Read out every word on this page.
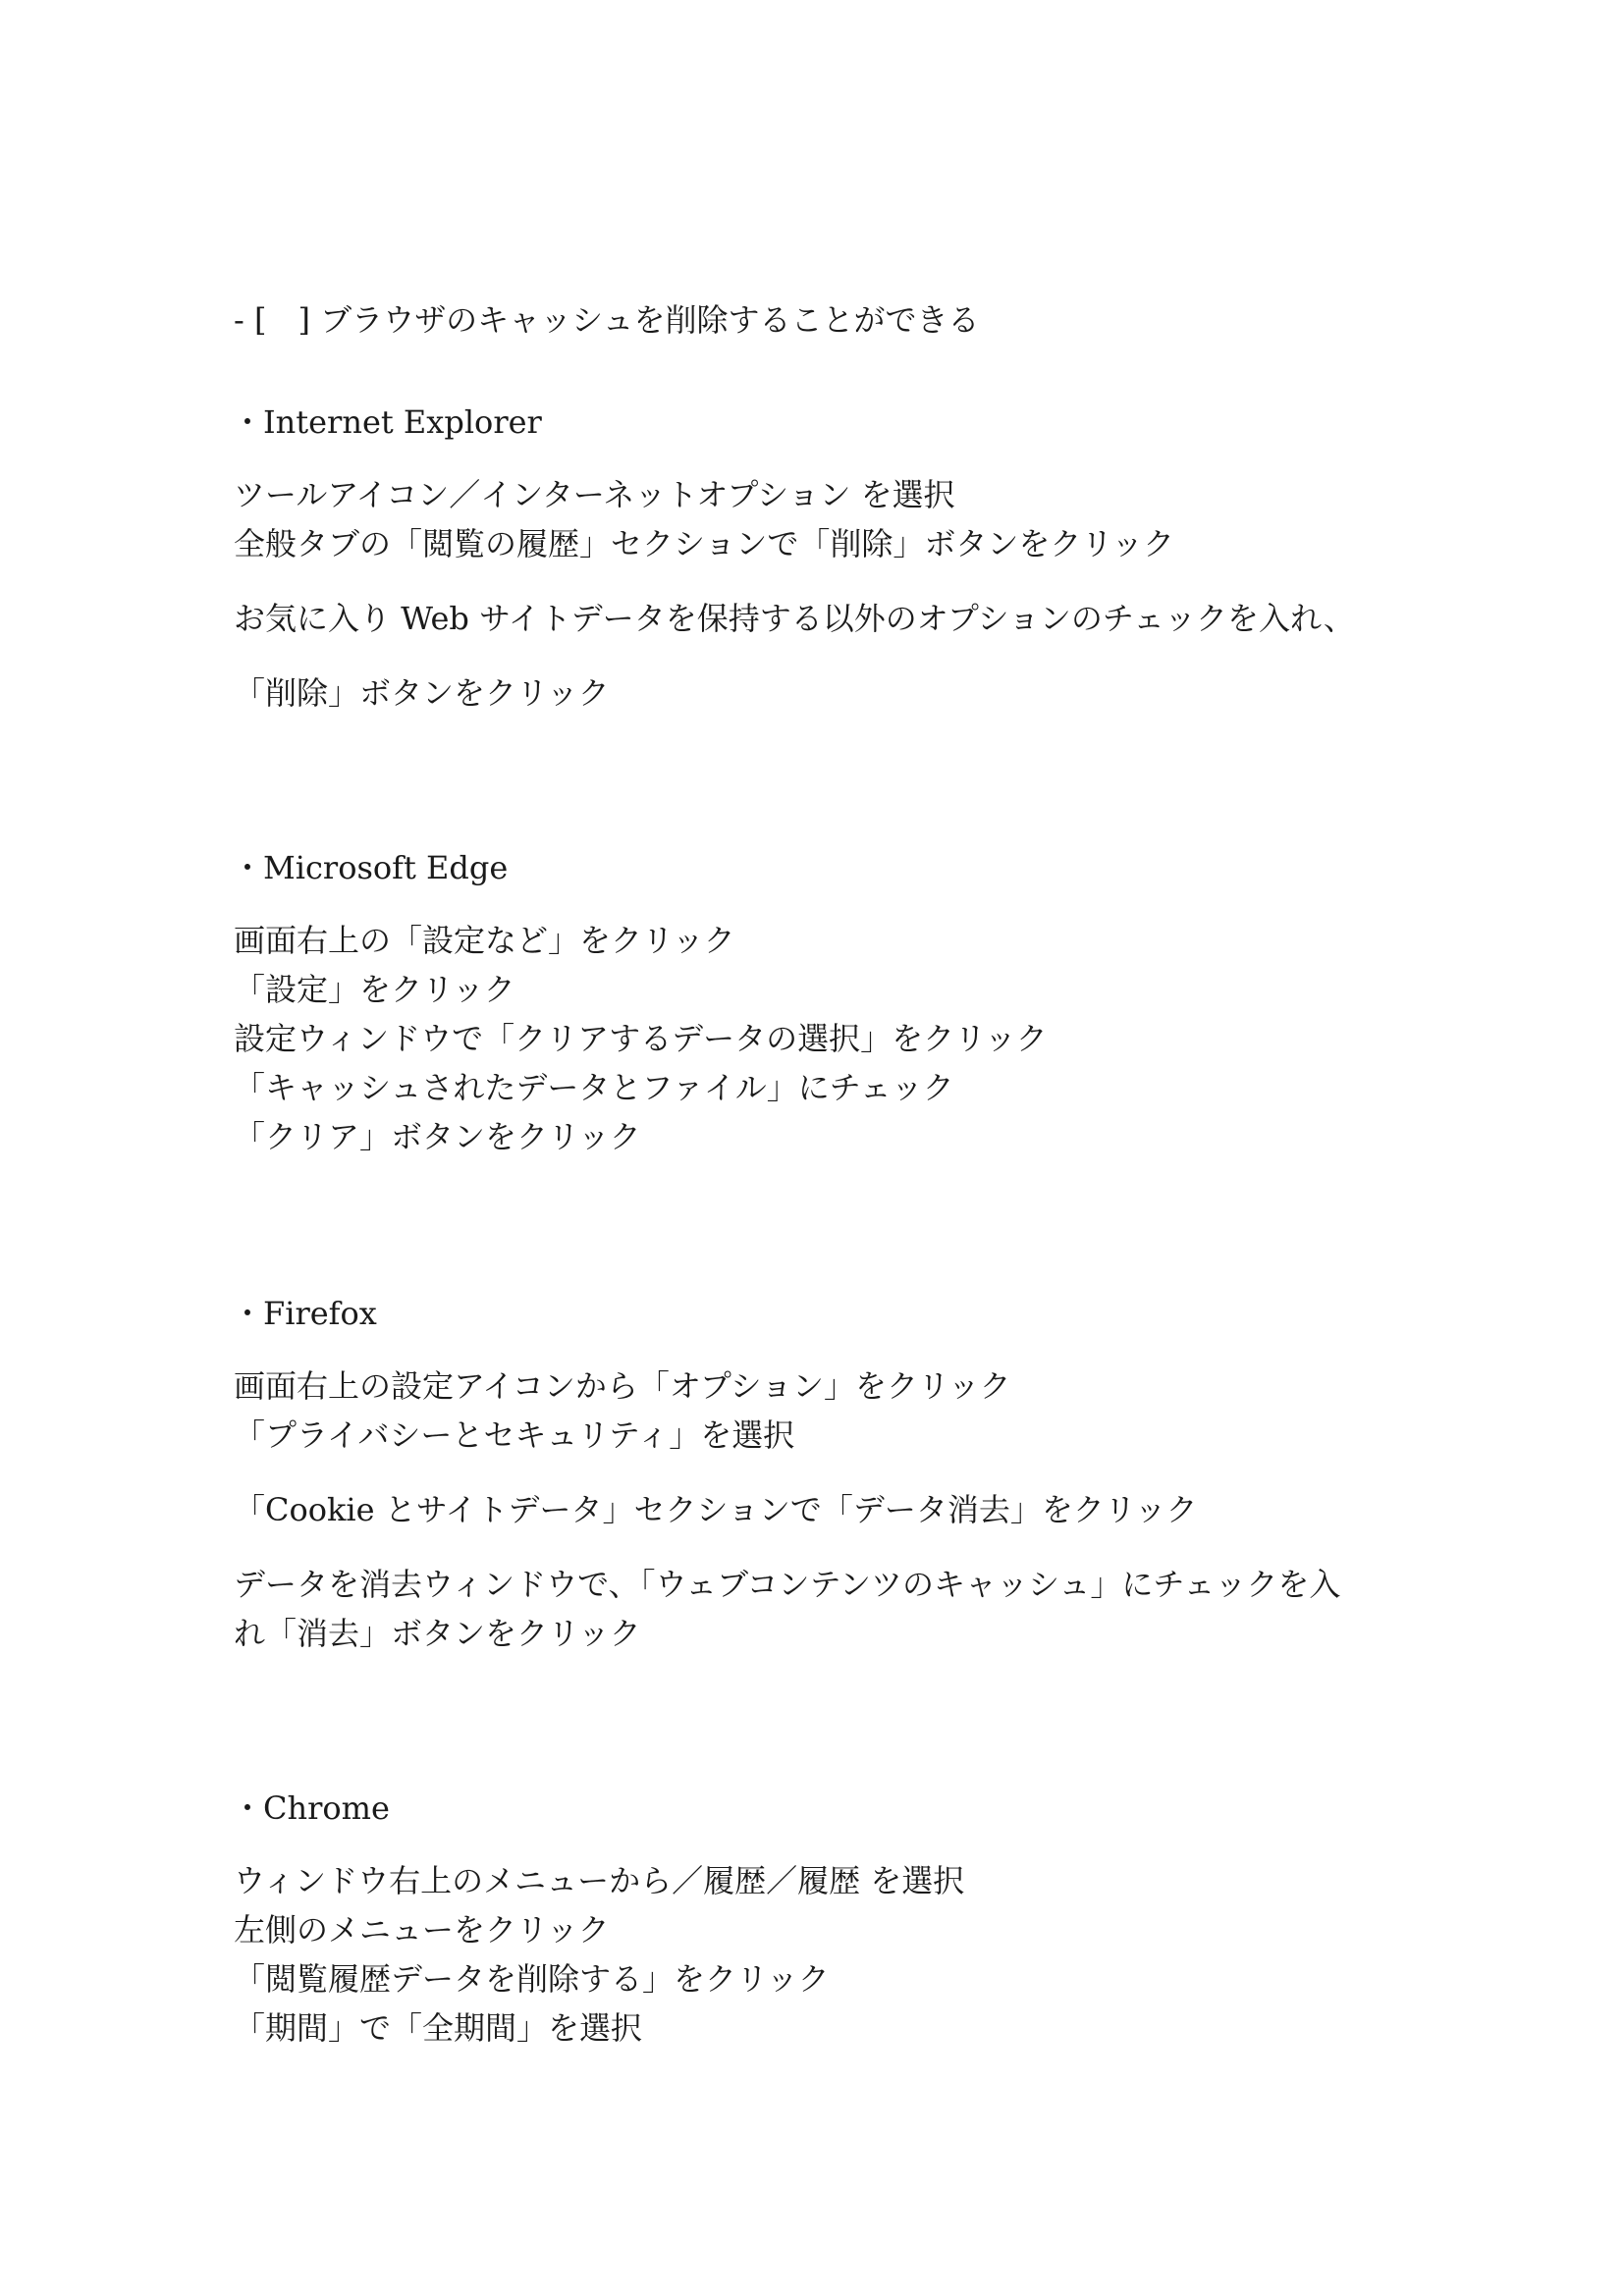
- [　] ブラウザのキャッシュを削除することができる

・Internet Explorer

ツールアイコン／インターネットオプション を選択

全般タブの「閲覧の履歴」セクションで「削除」ボタンをクリック

お気に入り Web サイトデータを保持する以外のオプションのチェックを入れ、

「削除」ボタンをクリック

・Microsoft Edge

画面右上の「設定など」をクリック

「設定」をクリック

設定ウィンドウで「クリアするデータの選択」をクリック

「キャッシュされたデータとファイル」にチェック

「クリア」ボタンをクリック

・Firefox

画面右上の設定アイコンから「オプション」をクリック

「プライバシーとセキュリティ」を選択

「Cookie とサイトデータ」セクションで「データ消去」をクリック

データを消去ウィンドウで、「ウェブコンテンツのキャッシュ」にチェックを入

れ「消去」ボタンをクリック

・Chrome

ウィンドウ右上のメニューから／履歴／履歴 を選択

左側のメニューをクリック

「閲覧履歴データを削除する」をクリック

「期間」で「全期間」を選択
